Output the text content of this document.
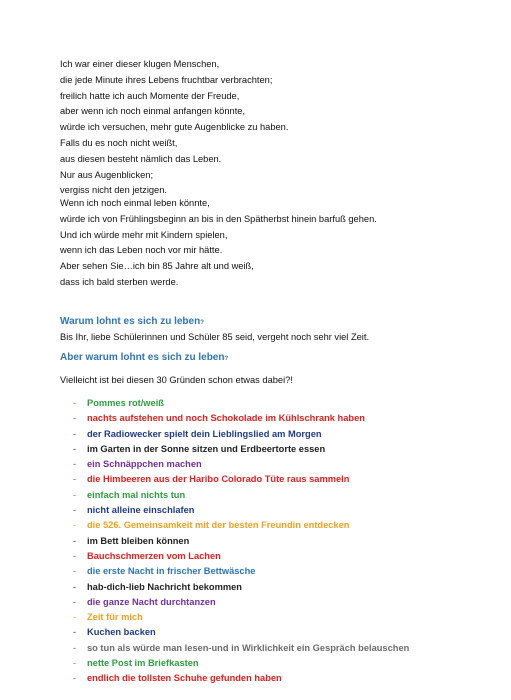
Ich war einer dieser klugen Menschen,
die jede Minute ihres Lebens fruchtbar verbrachten;
freilich hatte ich auch Momente der Freude,
aber wenn ich noch einmal anfangen könnte,
würde ich versuchen, mehr gute Augenblicke zu haben.
Falls du es noch nicht weißt,
aus diesen besteht nämlich das Leben.
Nur aus Augenblicken;
vergiss nicht den jetzigen.
Wenn ich noch einmal leben könnte,
würde ich von Frühlingsbeginn an bis in den Spätherbst hinein barfuß gehen.
Und ich würde mehr mit Kindern spielen,
wenn ich das Leben noch vor mir hätte.
Aber sehen Sie…ich bin 85 Jahre alt und weiß,
dass ich bald sterben werde.
Warum lohnt es sich zu leben?
Bis Ihr, liebe Schülerinnen und Schüler 85 seid, vergeht noch sehr viel Zeit.
Aber warum lohnt es sich zu leben?
Vielleicht ist bei diesen 30 Gründen schon etwas dabei?!
- Pommes rot/weiß
- nachts aufstehen und noch Schokolade im Kühlschrank haben
- der Radiowecker spielt dein Lieblingslied am Morgen
- im Garten in der Sonne sitzen und Erdbeertorte essen
- ein Schnäppchen machen
- die Himbeeren aus der Haribo Colorado Tüte raus sammeln
- einfach mal nichts tun
- nicht alleine einschlafen
- die 526. Gemeinsamkeit mit der besten Freundin entdecken
- im Bett bleiben können
- Bauchschmerzen vom Lachen
- die erste Nacht in frischer Bettwäsche
- hab-dich-lieb Nachricht bekommen
- die ganze Nacht durchtanzen
- Zeit für mich
- Kuchen backen
- so tun als würde man lesen-und in Wirklichkeit ein Gespräch belauschen
- nette Post im Briefkasten
- endlich die tollsten Schuhe gefunden haben
